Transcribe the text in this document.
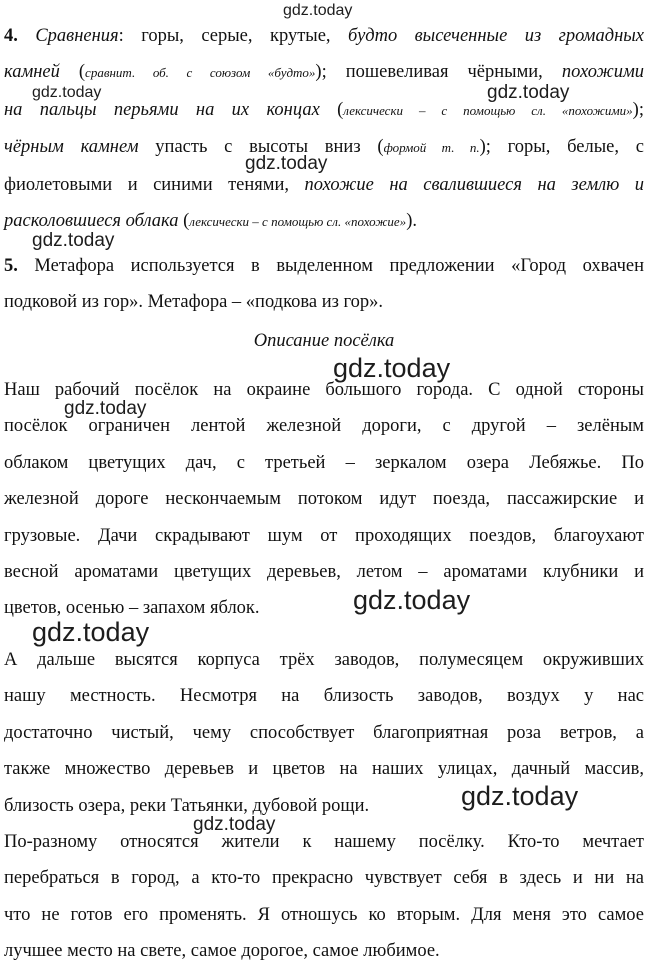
4. Сравнения: горы, серые, крутые, будто высеченные из громадных
камней (сравнит. об. с союзом «будто»); пошевеливая чёрными, похожими
на пальцы перьями на их концах (лексически – с помощью сл. «похожими»);
чёрным камнем упасть с высоты вниз (формой т. п.); горы, белые, с
фиолетовыми и синими тенями, похожие на свалившиеся на землю и
расколовшиеся облака (лексически – с помощью сл. «похожие»).
5. Метафора используется в выделенном предложении «Город охвачен
подковой из гор». Метафора – «подкова из гор».
Описание посёлка
Наш рабочий посёлок на окраине большого города. С одной стороны
посёлок ограничен лентой железной дороги, с другой – зелёным
облаком цветущих дач, с третьей – зеркалом озера Лебяжье. По
железной дороге нескончаемым потоком идут поезда, пассажирские и
грузовые. Дачи скрадывают шум от проходящих поездов, благоухают
весной ароматами цветущих деревьев, летом – ароматами клубники и
цветов, осенью – запахом яблок.
А дальше высятся корпуса трёх заводов, полумесяцем окруживших
нашу местность. Несмотря на близость заводов, воздух у нас
достаточно чистый, чему способствует благоприятная роза ветров, а
также множество деревьев и цветов на наших улицах, дачный массив,
близость озера, реки Татьянки, дубовой рощи.
По-разному относятся жители к нашему посёлку. Кто-то мечтает
перебраться в город, а кто-то прекрасно чувствует себя в здесь и ни на
что не готов его променять. Я отношусь ко вторым. Для меня это самое
лучшее место на свете, самое дорогое, самое любимое.
gdz.today
gdz.today	gdz.today
gdz.today
gdz.today
gdz.today
gdz.today
gdz.today
gdz.today
gdz.today
gdz.today
